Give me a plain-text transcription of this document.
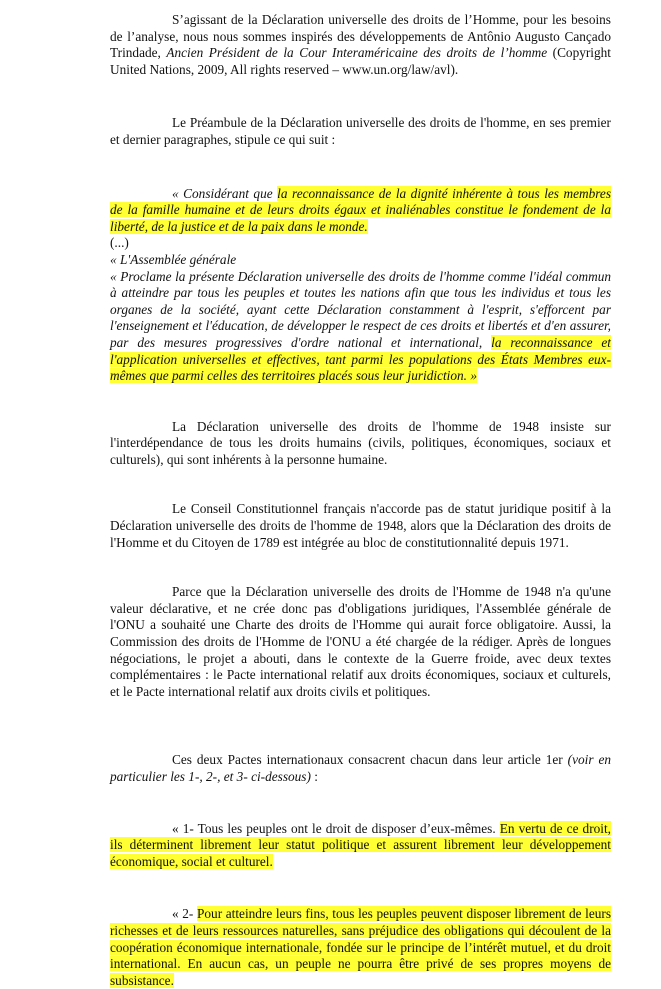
S’agissant de la Déclaration universelle des droits de l’Homme, pour les besoins de l’analyse, nous nous sommes inspirés des développements de Antônio Augusto Cançado Trindade, Ancien Président de la Cour Interaméricaine des droits de l’homme (Copyright United Nations, 2009, All rights reserved – www.un.org/law/avl).

Le Préambule de la Déclaration universelle des droits de l'homme, en ses premier et dernier paragraphes, stipule ce qui suit :

« Considérant que la reconnaissance de la dignité inhérente à tous les membres de la famille humaine et de leurs droits égaux et inaliénables constitue le fondement de la liberté, de la justice et de la paix dans le monde.

(...)

« L'Assemblée générale

« Proclame la présente Déclaration universelle des droits de l'homme comme l'idéal commun à atteindre par tous les peuples et toutes les nations afin que tous les individus et tous les organes de la société, ayant cette Déclaration constamment à l'esprit, s'efforcent par l'enseignement et l'éducation, de développer le respect de ces droits et libertés et d'en assurer, par des mesures progressives d'ordre national et international, la reconnaissance et l'application universelles et effectives, tant parmi les populations des États Membres eux-mêmes que parmi celles des territoires placés sous leur juridiction. »

La Déclaration universelle des droits de l'homme de 1948 insiste sur l'interdépendance de tous les droits humains (civils, politiques, économiques, sociaux et culturels), qui sont inhérents à la personne humaine.

Le Conseil Constitutionnel français n'accorde pas de statut juridique positif à la Déclaration universelle des droits de l'homme de 1948, alors que la Déclaration des droits de l'Homme et du Citoyen de 1789 est intégrée au bloc de constitutionnalité depuis 1971.

Parce que la Déclaration universelle des droits de l'Homme de 1948 n'a qu'une valeur déclarative, et ne crée donc pas d'obligations juridiques, l'Assemblée générale de l'ONU a souhaité une Charte des droits de l'Homme qui aurait force obligatoire. Aussi, la Commission des droits de l'Homme de l'ONU a été chargée de la rédiger. Après de longues négociations, le projet a abouti, dans le contexte de la Guerre froide, avec deux textes complémentaires : le Pacte international relatif aux droits économiques, sociaux et culturels, et le Pacte international relatif aux droits civils et politiques.

Ces deux Pactes internationaux consacrent chacun dans leur article 1er (voir en particulier les 1-, 2-, et 3- ci-dessous) :

« 1- Tous les peuples ont le droit de disposer d’eux-mêmes. En vertu de ce droit, ils déterminent librement leur statut politique et assurent librement leur développement économique, social et culturel.

« 2- Pour atteindre leurs fins, tous les peuples peuvent disposer librement de leurs richesses et de leurs ressources naturelles, sans préjudice des obligations qui découlent de la coopération économique internationale, fondée sur le principe de l’intérêt mutuel, et du droit international. En aucun cas, un peuple ne pourra être privé de ses propres moyens de subsistance.
